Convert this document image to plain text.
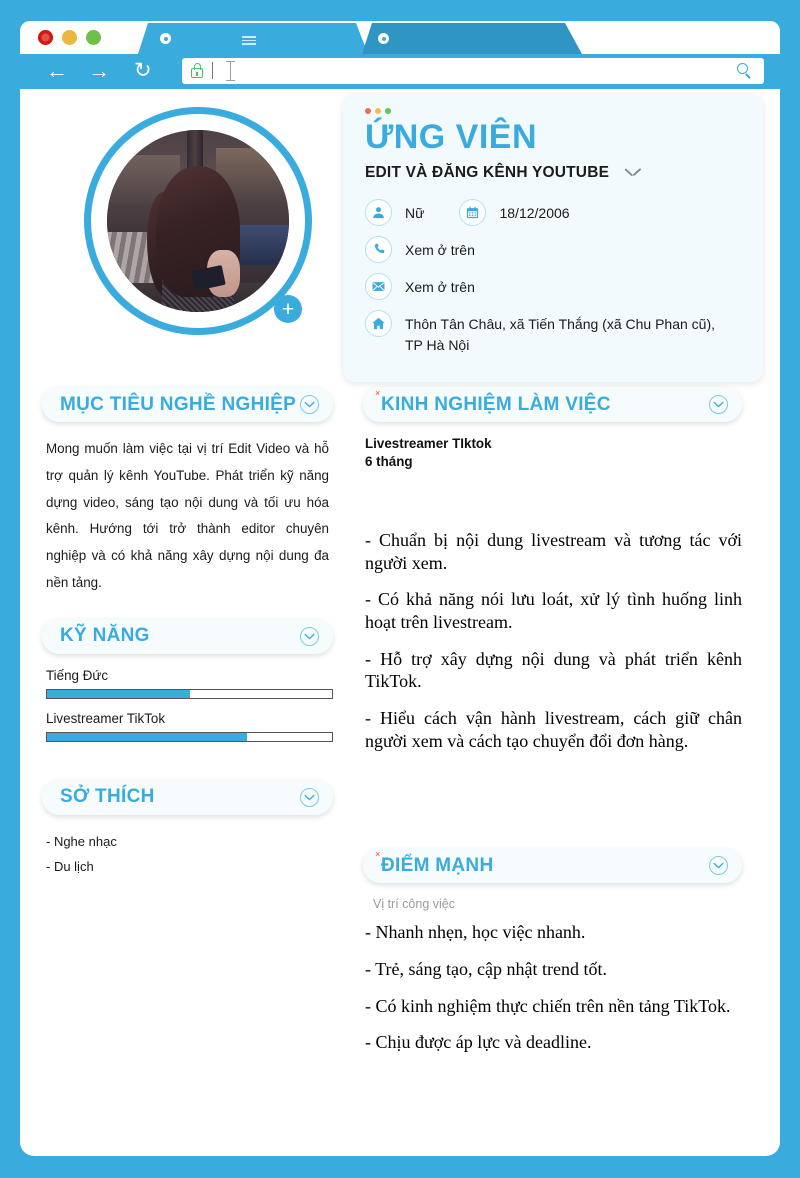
← → ↻
+
ỨNG VIÊN
EDIT VÀ ĐĂNG KÊNH YOUTUBE
Nữ	18/12/2006
Xem ở trên
Xem ở trên
Thôn Tân Châu, xã Tiến Thắng (xã Chu Phan cũ), TP Hà Nội
MỤC TIÊU NGHỀ NGHIỆP
Mong muốn làm việc tại vị trí Edit Video và hỗ trợ quản lý kênh YouTube. Phát triển kỹ năng dựng video, sáng tạo nội dung và tối ưu hóa kênh. Hướng tới trở thành editor chuyên nghiệp và có khả năng xây dựng nội dung đa nền tảng.
KỸ NĂNG
Tiếng Đức
Livestreamer TikTok
SỞ THÍCH
- Nghe nhạc
- Du lịch
×
KINH NGHIỆM LÀM VIỆC
Livestreamer TIktok
6 tháng
- Chuẩn bị nội dung livestream và tương tác với người xem.
- Có khả năng nói lưu loát, xử lý tình huống linh hoạt trên livestream.
- Hỗ trợ xây dựng nội dung và phát triển kênh TikTok.
- Hiểu cách vận hành livestream, cách giữ chân người xem và cách tạo chuyển đổi đơn hàng.
×
ĐIỂM MẠNH
Vị trí công việc
- Nhanh nhẹn, học việc nhanh.
- Trẻ, sáng tạo, cập nhật trend tốt.
- Có kinh nghiệm thực chiến trên nền tảng TikTok.
- Chịu được áp lực và deadline.
